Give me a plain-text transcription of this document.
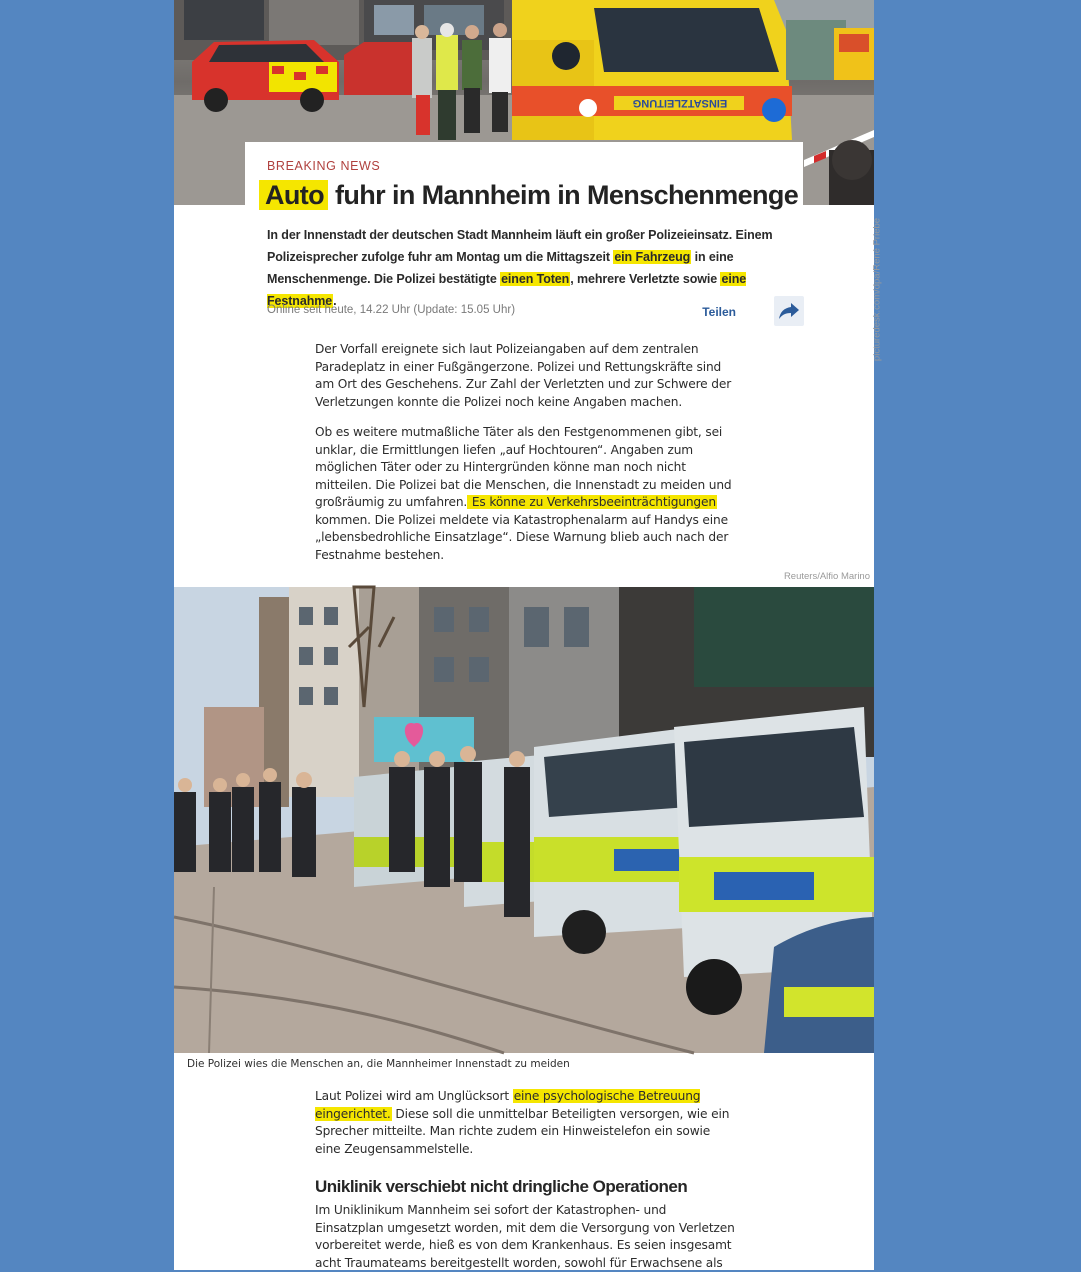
EINSATZLEITUNG
BREAKING NEWS
Auto fuhr in Mannheim in Menschenmenge
In der Innenstadt der deutschen Stadt Mannheim läuft ein großer Polizeieinsatz. Einem Polizeisprecher zufolge fuhr am Montag um die Mittagszeit ein Fahrzeug in eine Menschenmenge. Die Polizei bestätigte einen Toten, mehrere Verletzte sowie eine Festnahme.
Online seit heute, 14.22 Uhr (Update: 15.05 Uhr)	Teilen	picturedesk.com/dpa/René Priebe
Der Vorfall ereignete sich laut Polizeiangaben auf dem zentralen Paradeplatz in einer Fußgängerzone. Polizei und Rettungskräfte sind am Ort des Geschehens. Zur Zahl der Verletzten und zur Schwere der Verletzungen konnte die Polizei noch keine Angaben machen.
Ob es weitere mutmaßliche Täter als den Festgenommenen gibt, sei unklar, die Ermittlungen liefen „auf Hochtouren“. Angaben zum möglichen Täter oder zu Hintergründen könne man noch nicht mitteilen. Die Polizei bat die Menschen, die Innenstadt zu meiden und großräumig zu umfahren. Es könne zu Verkehrsbeeinträchtigungen kommen. Die Polizei meldete via Katastrophenalarm auf Handys eine „lebensbedrohliche Einsatzlage“. Diese Warnung blieb auch nach der Festnahme bestehen.
Reuters/Alfio Marino
Die Polizei wies die Menschen an, die Mannheimer Innenstadt zu meiden
Laut Polizei wird am Unglücksort eine psychologische Betreuung eingerichtet. Diese soll die unmittelbar Beteiligten versorgen, wie ein Sprecher mitteilte. Man richte zudem ein Hinweistelefon ein sowie eine Zeugensammelstelle.
Uniklinik verschiebt nicht dringliche Operationen
Im Uniklinikum Mannheim sei sofort der Katastrophen- und Einsatzplan umgesetzt worden, mit dem die Versorgung von Verletzen vorbereitet werde, hieß es von dem Krankenhaus. Es seien insgesamt acht Traumateams bereitgestellt worden, sowohl für Erwachsene als
